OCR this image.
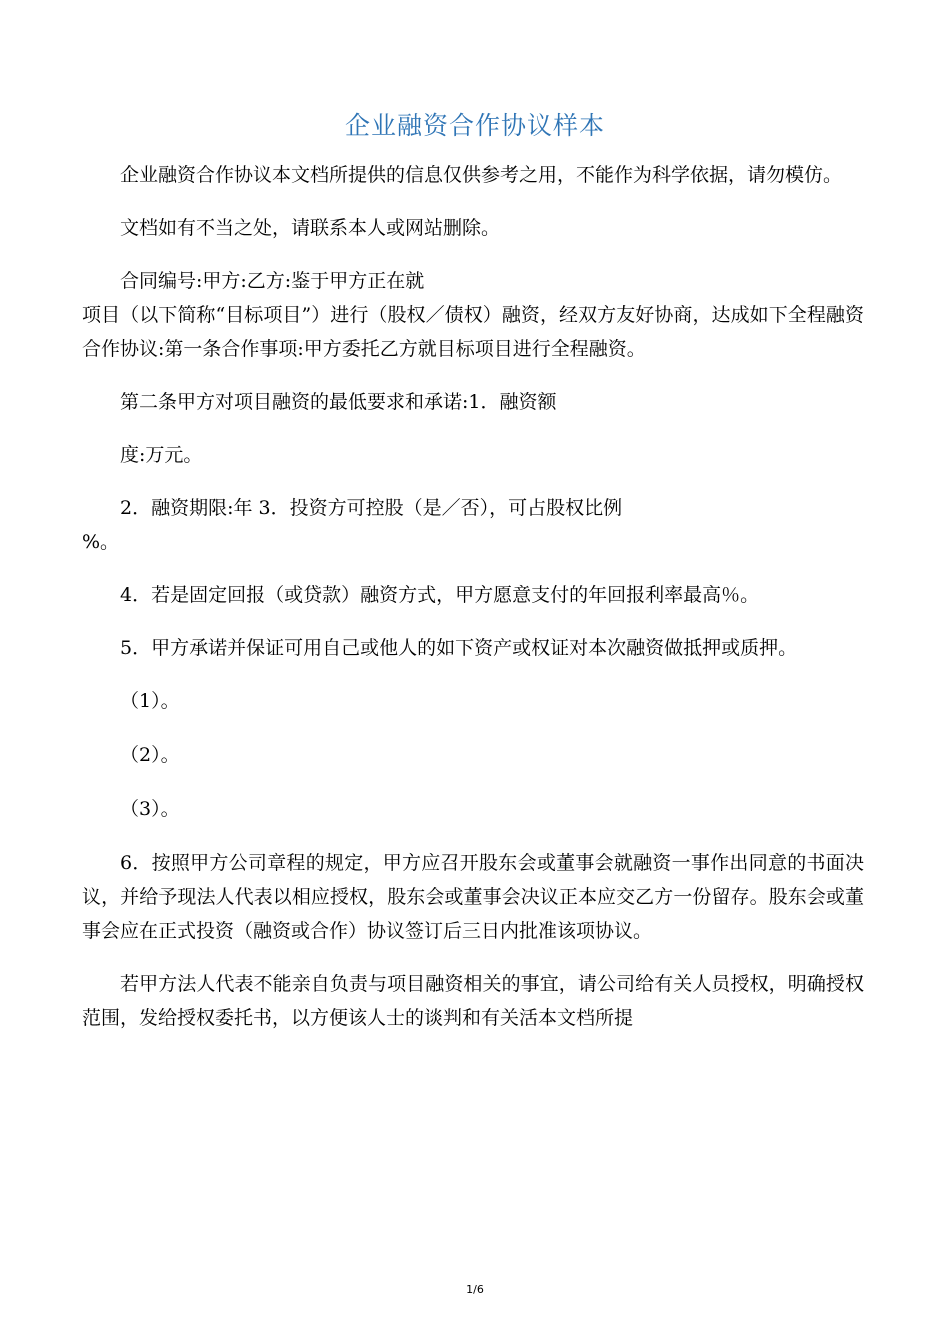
企业融资合作协议样本

企业融资合作协议本文档所提供的信息仅供参考之用，不能作为科学依据，请勿模仿。

文档如有不当之处，请联系本人或网站删除。

合同编号:甲方:乙方:鉴于甲方正在就

项目（以下简称“目标项目”）进行（股权／债权）融资，经双方友好协商，达成如下全程融资合作协议:第一条合作事项:甲方委托乙方就目标项目进行全程融资。

第二条甲方对项目融资的最低要求和承诺:1．融资额

度:万元。

2．融资期限:年 3．投资方可控股（是／否），可占股权比例

%。

4．若是固定回报（或贷款）融资方式，甲方愿意支付的年回报利率最高％。

5．甲方承诺并保证可用自己或他人的如下资产或权证对本次融资做抵押或质押。

（1）。

（2）。

（3）。

6．按照甲方公司章程的规定，甲方应召开股东会或董事会就融资一事作出同意的书面决议，并给予现法人代表以相应授权，股东会或董事会决议正本应交乙方一份留存。股东会或董事会应在正式投资（融资或合作）协议签订后三日内批准该项协议。

若甲方法人代表不能亲自负责与项目融资相关的事宜，请公司给有关人员授权，明确授权范围，发给授权委托书，以方便该人士的谈判和有关活本文档所提

1/6
